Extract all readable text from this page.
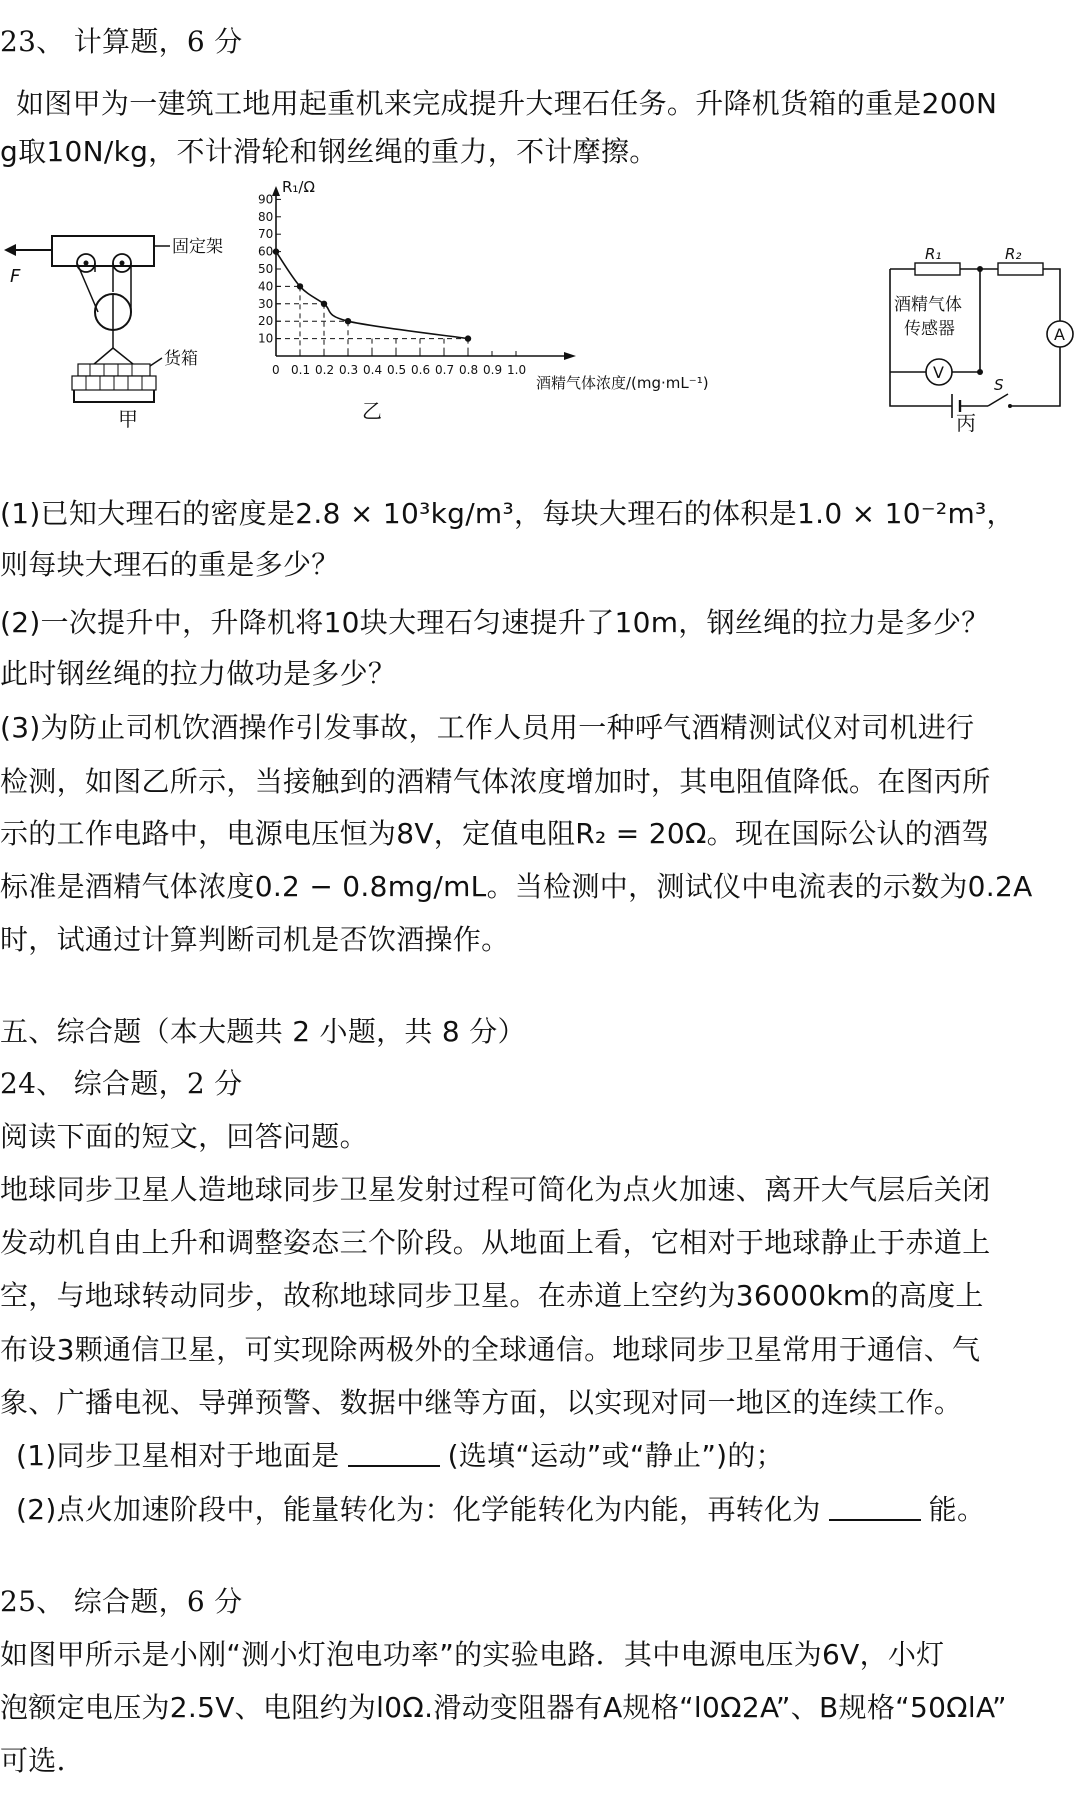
23、 计算题，6 分
如图甲为一建筑工地用起重机来完成提升大理石任务。升降机货箱的重是200N
g取10N/kg，不计滑轮和钢丝绳的重力，不计摩擦。
F
固定架
货箱
甲
R₁/Ω
酒精气体浓度/(mg·mL⁻¹)
0 0.1 0.2 0.3 0.4 0.5 0.6 0.7 0.8 0.9 1.0
10
20
30
40
50
60
70
80
90
乙
A
R₁	R₂
酒精气体
传感器
V
S
丙
(1)已知大理石的密度是2.8 × 10³kg/m³，每块大理石的体积是1.0 × 10⁻²m³，
则每块大理石的重是多少？
(2)一次提升中，升降机将10块大理石匀速提升了10m，钢丝绳的拉力是多少？
此时钢丝绳的拉力做功是多少？
(3)为防止司机饮酒操作引发事故，工作人员用一种呼气酒精测试仪对司机进行
检测，如图乙所示，当接触到的酒精气体浓度增加时，其电阻值降低。在图丙所
示的工作电路中，电源电压恒为8V，定值电阻R₂ = 20Ω。现在国际公认的酒驾
标准是酒精气体浓度0.2 − 0.8mg/mL。当检测中，测试仪中电流表的示数为0.2A
时，试通过计算判断司机是否饮酒操作。
五、综合题（本大题共 2 小题，共 8 分）
24、 综合题，2 分
阅读下面的短文，回答问题。
地球同步卫星人造地球同步卫星发射过程可简化为点火加速、离开大气层后关闭
发动机自由上升和调整姿态三个阶段。从地面上看，它相对于地球静止于赤道上
空，与地球转动同步，故称地球同步卫星。在赤道上空约为36000km的高度上
布设3颗通信卫星，可实现除两极外的全球通信。地球同步卫星常用于通信、气
象、广播电视、导弹预警、数据中继等方面，以实现对同一地区的连续工作。
(1)同步卫星相对于地面是	(选填“运动”或“静止”)的；
(2)点火加速阶段中，能量转化为：化学能转化为内能，再转化为	能。
25、 综合题，6 分
如图甲所示是小刚“测小灯泡电功率”的实验电路．其中电源电压为6V，小灯
泡额定电压为2.5V、电阻约为l0Ω.滑动变阻器有A规格“l0Ω2A”、B规格“50ΩlA”
可选．
